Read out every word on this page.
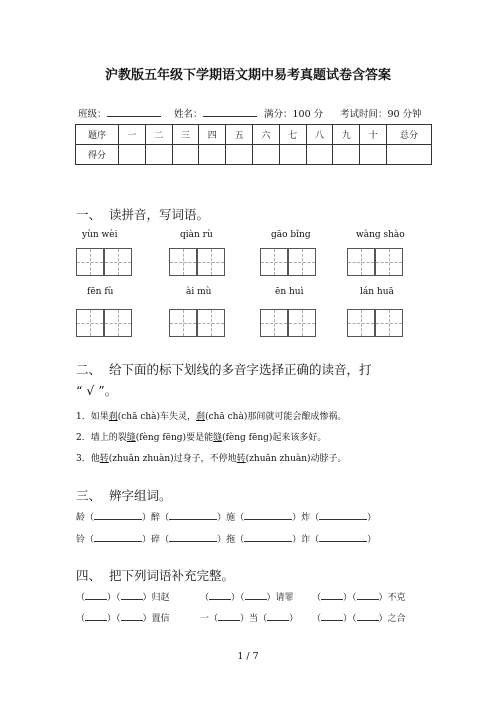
沪教版五年级下学期语文期中易考真题试卷含答案
班级：	姓名：	满分：100 分 考试时间：90 分钟
题序	一	二	三	四	五	六	七	八	九	十	总分
得分											
一、 读拼音，写词语。
yùn wèi	qiàn rù	gāo bǐng	wàng shào
fēn fù	ài mù	ēn huì	lán huā
二、 给下面的标下划线的多音字选择正确的读音，打
“ √ ”。
1．如果刹(chā chà)车失灵，刹(chā chà)那间就可能会酿成惨祸。
2．墙上的裂缝(fèng fēng)要是能缝(fèng fēng)起来该多好。
3．他转(zhuǎn zhuàn)过身子，不停地转(zhuǎn zhuàn)动脖子。
三、 辨字组词。
龄（	）醉（	）施（	）炸（	）
铃（	）碎（	）拖（	）诈（	）
四、 把下列词语补充完整。
（ ）（ ）归赵	（ ）（ ）请罪 （ ）（ ）不克
（ ）（ ）置信	一（ ）当（ ） （ ）（ ）之合
1 / 7
